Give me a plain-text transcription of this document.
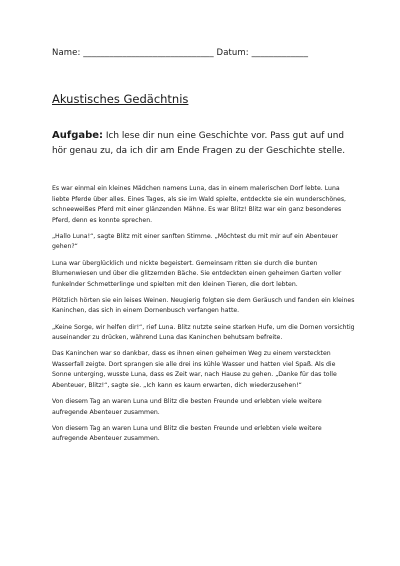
Name: ______________________________ Datum: _____________
Akustisches Gedächtnis
Aufgabe: Ich lese dir nun eine Geschichte vor. Pass gut auf und hör genau zu, da ich dir am Ende Fragen zu der Geschichte stelle.

Es war einmal ein kleines Mädchen namens Luna, das in einem malerischen Dorf lebte. Luna liebte Pferde über alles. Eines Tages, als sie im Wald spielte, entdeckte sie ein wunderschönes, schneeweißes Pferd mit einer glänzenden Mähne. Es war Blitz! Blitz war ein ganz besonderes Pferd, denn es konnte sprechen.

„Hallo Luna!“, sagte Blitz mit einer sanften Stimme. „Möchtest du mit mir auf ein Abenteuer gehen?“

Luna war überglücklich und nickte begeistert. Gemeinsam ritten sie durch die bunten Blumenwiesen und über die glitzernden Bäche. Sie entdeckten einen geheimen Garten voller funkelnder Schmetterlinge und spielten mit den kleinen Tieren, die dort lebten.

Plötzlich hörten sie ein leises Weinen. Neugierig folgten sie dem Geräusch und fanden ein kleines Kaninchen, das sich in einem Dornenbusch verfangen hatte.

„Keine Sorge, wir helfen dir!“, rief Luna. Blitz nutzte seine starken Hufe, um die Dornen vorsichtig auseinander zu drücken, während Luna das Kaninchen behutsam befreite.

Das Kaninchen war so dankbar, dass es ihnen einen geheimen Weg zu einem versteckten Wasserfall zeigte. Dort sprangen sie alle drei ins kühle Wasser und hatten viel Spaß. Als die Sonne unterging, wusste Luna, dass es Zeit war, nach Hause zu gehen. „Danke für das tolle Abenteuer, Blitz!“, sagte sie. „Ich kann es kaum erwarten, dich wiederzusehen!“

Von diesem Tag an waren Luna und Blitz die besten Freunde und erlebten viele weitere aufregende Abenteuer zusammen.

Von diesem Tag an waren Luna und Blitz die besten Freunde und erlebten viele weitere aufregende Abenteuer zusammen.
